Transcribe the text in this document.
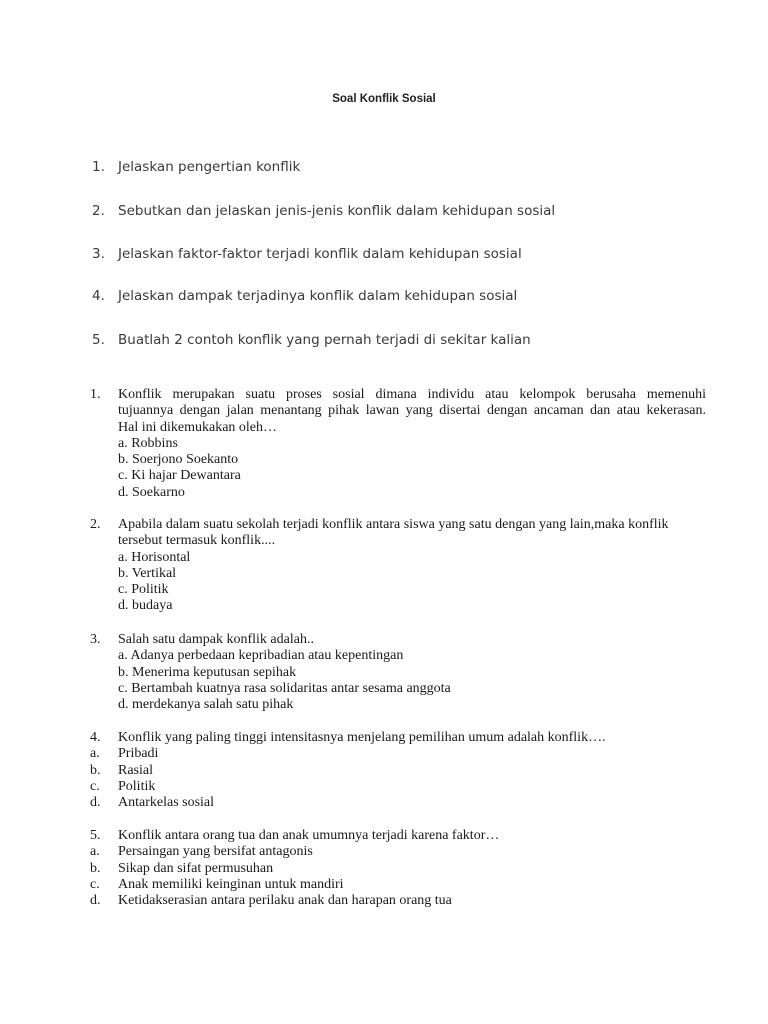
Soal Konflik Sosial
1. Jelaskan pengertian konflik
2. Sebutkan dan jelaskan jenis-jenis konflik dalam kehidupan sosial
3. Jelaskan faktor-faktor terjadi konflik dalam kehidupan sosial
4. Jelaskan dampak terjadinya konflik dalam kehidupan sosial
5. Buatlah 2 contoh konflik yang pernah terjadi di sekitar kalian
1.	Konflik merupakan suatu proses sosial dimana individu atau kelompok berusaha memenuhi
tujuannya dengan jalan menantang pihak lawan yang disertai dengan ancaman dan atau kekerasan.
Hal ini dikemukakan oleh…
a. Robbins
b. Soerjono Soekanto
c. Ki hajar Dewantara
d. Soekarno
2.	Apabila dalam suatu sekolah terjadi konflik antara siswa yang satu dengan yang lain,maka konflik
tersebut termasuk konflik....
a. Horisontal
b. Vertikal
c. Politik
d. budaya
3.	Salah satu dampak konflik adalah..
a. Adanya perbedaan kepribadian atau kepentingan
b. Menerima keputusan sepihak
c. Bertambah kuatnya rasa solidaritas antar sesama anggota
d. merdekanya salah satu pihak
4.	Konflik yang paling tinggi intensitasnya menjelang pemilihan umum adalah konflik….
a.	Pribadi
b.	Rasial
c.	Politik
d.	Antarkelas sosial
5.	Konflik antara orang tua dan anak umumnya terjadi karena faktor…
a.	Persaingan yang bersifat antagonis
b.	Sikap dan sifat permusuhan
c.	Anak memiliki keinginan untuk mandiri
d.	Ketidakserasian antara perilaku anak dan harapan orang tua
